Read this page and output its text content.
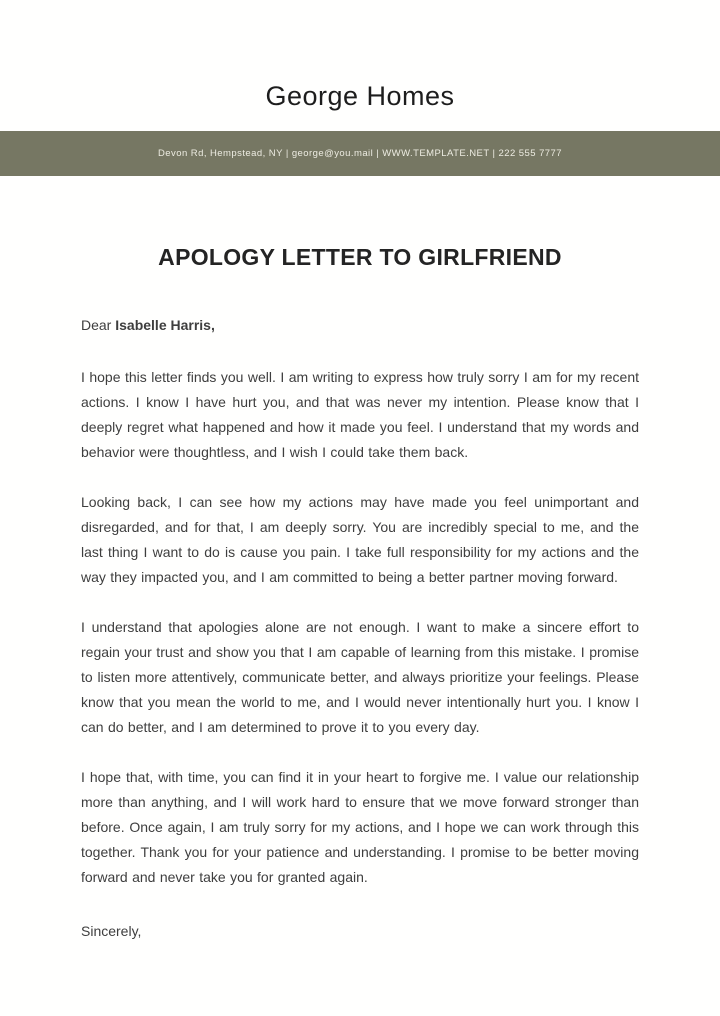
George Homes
Devon Rd, Hempstead, NY | george@you.mail | WWW.TEMPLATE.NET | 222 555 7777
APOLOGY LETTER TO GIRLFRIEND

Dear Isabelle Harris,

I hope this letter finds you well. I am writing to express how truly sorry I am for my recent actions. I know I have hurt you, and that was never my intention. Please know that I deeply regret what happened and how it made you feel. I understand that my words and behavior were thoughtless, and I wish I could take them back.

Looking back, I can see how my actions may have made you feel unimportant and disregarded, and for that, I am deeply sorry. You are incredibly special to me, and the last thing I want to do is cause you pain. I take full responsibility for my actions and the way they impacted you, and I am committed to being a better partner moving forward.

I understand that apologies alone are not enough. I want to make a sincere effort to regain your trust and show you that I am capable of learning from this mistake. I promise to listen more attentively, communicate better, and always prioritize your feelings. Please know that you mean the world to me, and I would never intentionally hurt you. I know I can do better, and I am determined to prove it to you every day.

I hope that, with time, you can find it in your heart to forgive me. I value our relationship more than anything, and I will work hard to ensure that we move forward stronger than before. Once again, I am truly sorry for my actions, and I hope we can work through this together. Thank you for your patience and understanding. I promise to be better moving forward and never take you for granted again.

Sincerely,
